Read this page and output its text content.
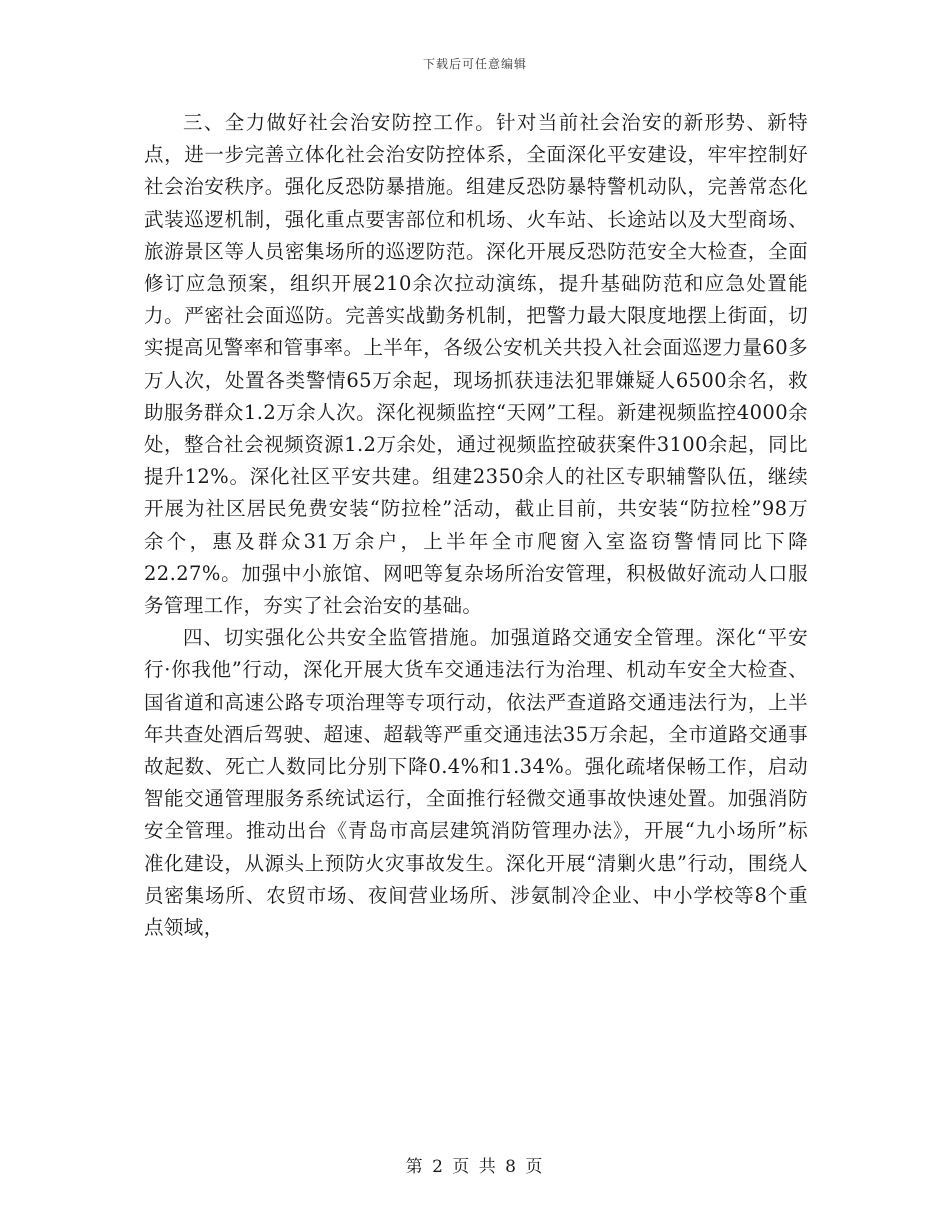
下载后可任意编辑

三、全力做好社会治安防控工作。针对当前社会治安的新形势、新特点，进一步完善立体化社会治安防控体系，全面深化平安建设，牢牢控制好社会治安秩序。强化反恐防暴措施。组建反恐防暴特警机动队，完善常态化武装巡逻机制，强化重点要害部位和机场、火车站、长途站以及大型商场、旅游景区等人员密集场所的巡逻防范。深化开展反恐防范安全大检查，全面修订应急预案，组织开展210余次拉动演练，提升基础防范和应急处置能力。严密社会面巡防。完善实战勤务机制，把警力最大限度地摆上街面，切实提高见警率和管事率。上半年，各级公安机关共投入社会面巡逻力量60多万人次，处置各类警情65万余起，现场抓获违法犯罪嫌疑人6500余名，救助服务群众1.2万余人次。深化视频监控“天网”工程。新建视频监控4000余处，整合社会视频资源1.2万余处，通过视频监控破获案件3100余起，同比提升12%。深化社区平安共建。组建2350余人的社区专职辅警队伍，继续开展为社区居民免费安装“防拉栓”活动，截止目前，共安装“防拉栓”98万余个，惠及群众31万余户，上半年全市爬窗入室盗窃警情同比下降22.27%。加强中小旅馆、网吧等复杂场所治安管理，积极做好流动人口服务管理工作，夯实了社会治安的基础。

四、切实强化公共安全监管措施。加强道路交通安全管理。深化“平安行·你我他”行动，深化开展大货车交通违法行为治理、机动车安全大检查、国省道和高速公路专项治理等专项行动，依法严查道路交通违法行为，上半年共查处酒后驾驶、超速、超载等严重交通违法35万余起，全市道路交通事故起数、死亡人数同比分别下降0.4%和1.34%。强化疏堵保畅工作，启动智能交通管理服务系统试运行，全面推行轻微交通事故快速处置。加强消防安全管理。推动出台《青岛市高层建筑消防管理办法》，开展“九小场所”标准化建设，从源头上预防火灾事故发生。深化开展“清剿火患”行动，围绕人员密集场所、农贸市场、夜间营业场所、涉氨制冷企业、中小学校等8个重点领域，

第 2 页 共 8 页
